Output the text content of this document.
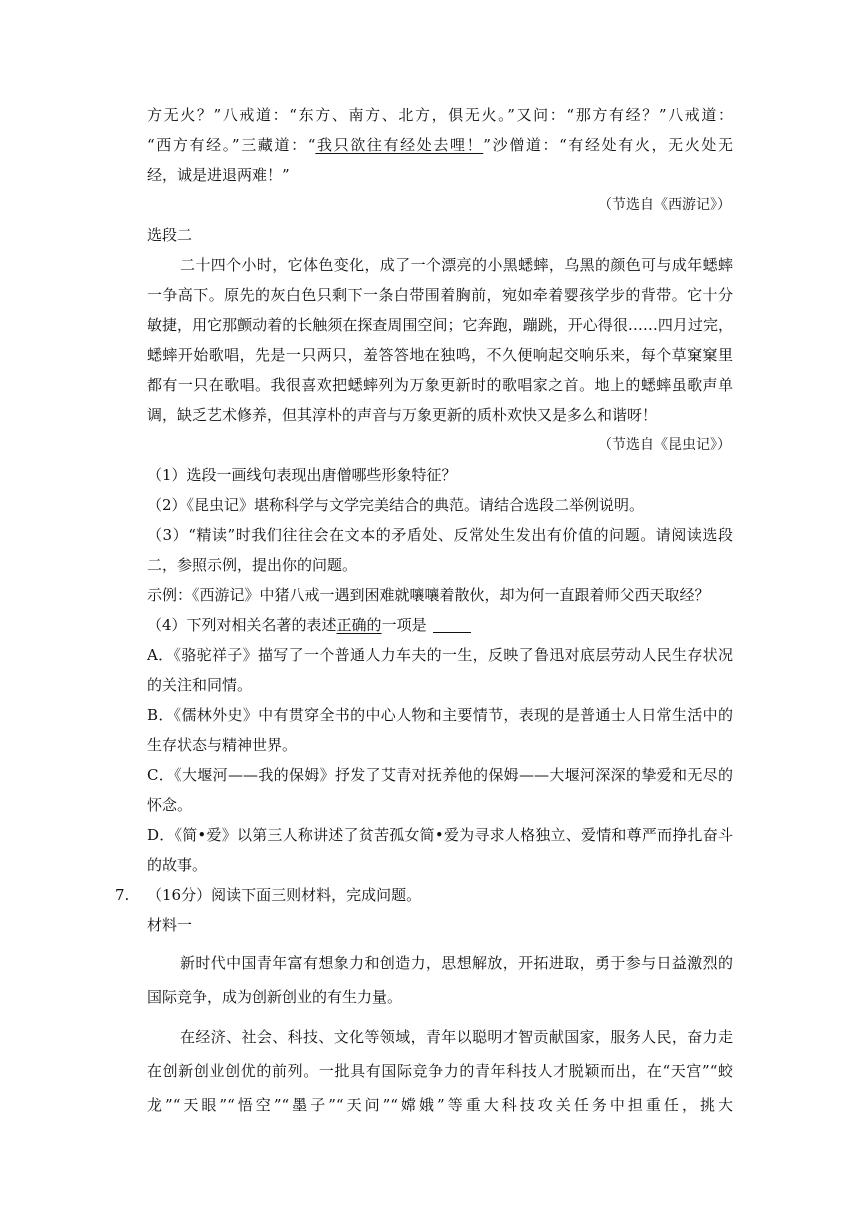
方无火？”八戒道：“东方、南方、北方，俱无火。”又问：“那方有经？”八戒道：
“西方有经。”三藏道：“我只欲往有经处去哩！”沙僧道：“有经处有火，无火处无
经，诚是进退两难！”
（节选自《西游记》）
选段二
二十四个小时，它体色变化，成了一个漂亮的小黑蟋蟀，乌黑的颜色可与成年蟋蟀
一争高下。原先的灰白色只剩下一条白带围着胸前，宛如牵着婴孩学步的背带。它十分
敏捷，用它那颤动着的长触须在探查周围空间；它奔跑，蹦跳，开心得很……四月过完，
蟋蟀开始歌唱，先是一只两只，羞答答地在独鸣，不久便响起交响乐来，每个草窠窠里
都有一只在歌唱。我很喜欢把蟋蟀列为万象更新时的歌唱家之首。地上的蟋蟀虽歌声单
调，缺乏艺术修养，但其淳朴的声音与万象更新的质朴欢快又是多么和谐呀！
（节选自《昆虫记》）
（1）选段一画线句表现出唐僧哪些形象特征？
（2）《昆虫记》堪称科学与文学完美结合的典范。请结合选段二举例说明。
（3）“精读”时我们往往会在文本的矛盾处、反常处生发出有价值的问题。请阅读选段
二，参照示例，提出你的问题。
示例：《西游记》中猪八戒一遇到困难就嚷嚷着散伙，却为何一直跟着师父西天取经？
（4）下列对相关名著的表述正确的一项是
A．《骆驼祥子》描写了一个普通人力车夫的一生，反映了鲁迅对底层劳动人民生存状况
的关注和同情。
B．《儒林外史》中有贯穿全书的中心人物和主要情节，表现的是普通士人日常生活中的
生存状态与精神世界。
C．《大堰河——我的保姆》抒发了艾青对抚养他的保姆——大堰河深深的挚爱和无尽的
怀念。
D．《简•爱》以第三人称讲述了贫苦孤女简•爱为寻求人格独立、爱情和尊严而挣扎奋斗
的故事。
7. （16分）阅读下面三则材料，完成问题。
材料一
新时代中国青年富有想象力和创造力，思想解放，开拓进取，勇于参与日益激烈的
国际竞争，成为创新创业的有生力量。
在经济、社会、科技、文化等领域，青年以聪明才智贡献国家，服务人民，奋力走
在创新创业创优的前列。一批具有国际竞争力的青年科技人才脱颖而出，在“天宫”“蛟
龙”“天眼”“悟空”“墨子”“天问”“嫦娥”等重大科技攻关任务中担重任，挑大
